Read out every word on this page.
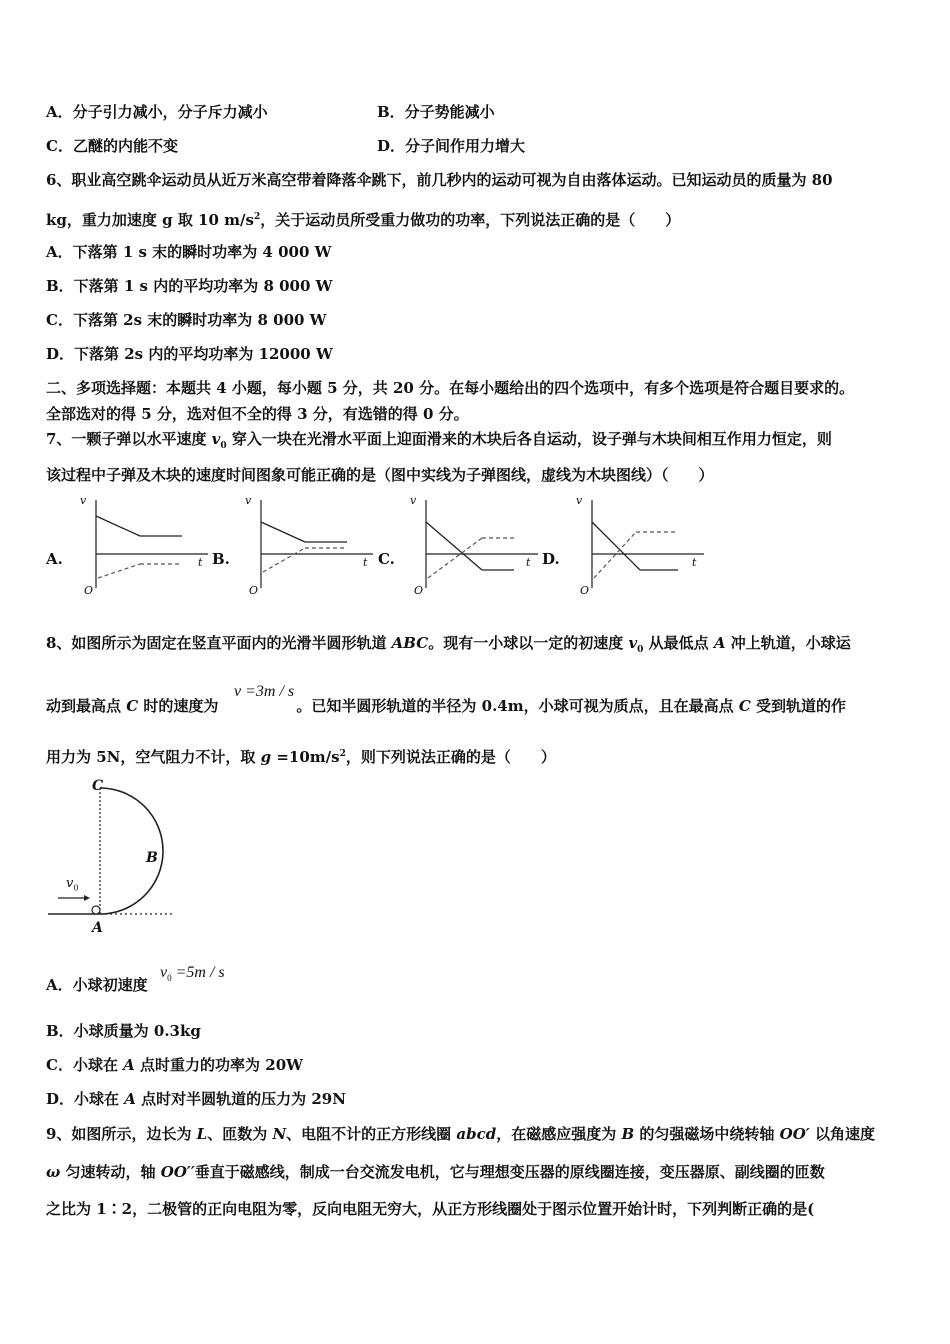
A．分子引力减小，分子斥力减小	B．分子势能减小
C．乙醚的内能不变	D．分子间作用力增大
6、职业高空跳伞运动员从近万米高空带着降落伞跳下，前几秒内的运动可视为自由落体运动。已知运动员的质量为 80
kg，重力加速度 g 取 10 $m/s^2$，关于运动员所受重力做功的功率，下列说法正确的是（　　）
A．下落第 1 s 末的瞬时功率为 4 000 W
B．下落第 1 s 内的平均功率为 8 000 W
C．下落第 2s 末的瞬时功率为 8 000 W
D．下落第 2s 内的平均功率为 12000 W
二、多项选择题：本题共 4 小题，每小题 5 分，共 20 分。在每小题给出的四个选项中，有多个选项是符合题目要求的。
全部选对的得 5 分，选对但不全的得 3 分，有选错的得 0 分。
7、一颗子弹以水平速度 $v_0$ 穿入一块在光滑水平面上迎面滑来的木块后各自运动，设子弹与木块间相互作用力恒定，则
该过程中子弹及木块的速度时间图象可能正确的是（图中实线为子弹图线，虚线为木块图线）（　　）
A.
v
t
O
B.
v
t
O
C.
v
t
O
D.
v
t
O
8、如图所示为固定在竖直平面内的光滑半圆形轨道 ABC。现有一小球以一定的初速度 $v_0$ 从最低点 A 冲上轨道，小球运
动到最高点 C 时的速度为	。已知半圆形轨道的半径为 0.4m，小球可视为质点，且在最高点 C 受到轨道的作
v =3m / s
用力为 5N，空气阻力不计，取 $g =10m/s^2$，则下列说法正确的是（　　）
C
B
A
$v_0$
A．小球初速度
$v_0 =5m / s$
B．小球质量为 0.3kg
C．小球在 A 点时重力的功率为 20W
D．小球在 A 点时对半圆轨道的压力为 29N
9、如图所示，边长为 L、匝数为 N、电阻不计的正方形线圈 abcd，在磁感应强度为 B 的匀强磁场中绕转轴 OO′ 以角速度
ω 匀速转动，轴 OO′′垂直于磁感线，制成一台交流发电机，它与理想变压器的原线圈连接，变压器原、副线圈的匝数
之比为 1∶2，二极管的正向电阻为零，反向电阻无穷大，从正方形线圈处于图示位置开始计时，下列判断正确的是(
